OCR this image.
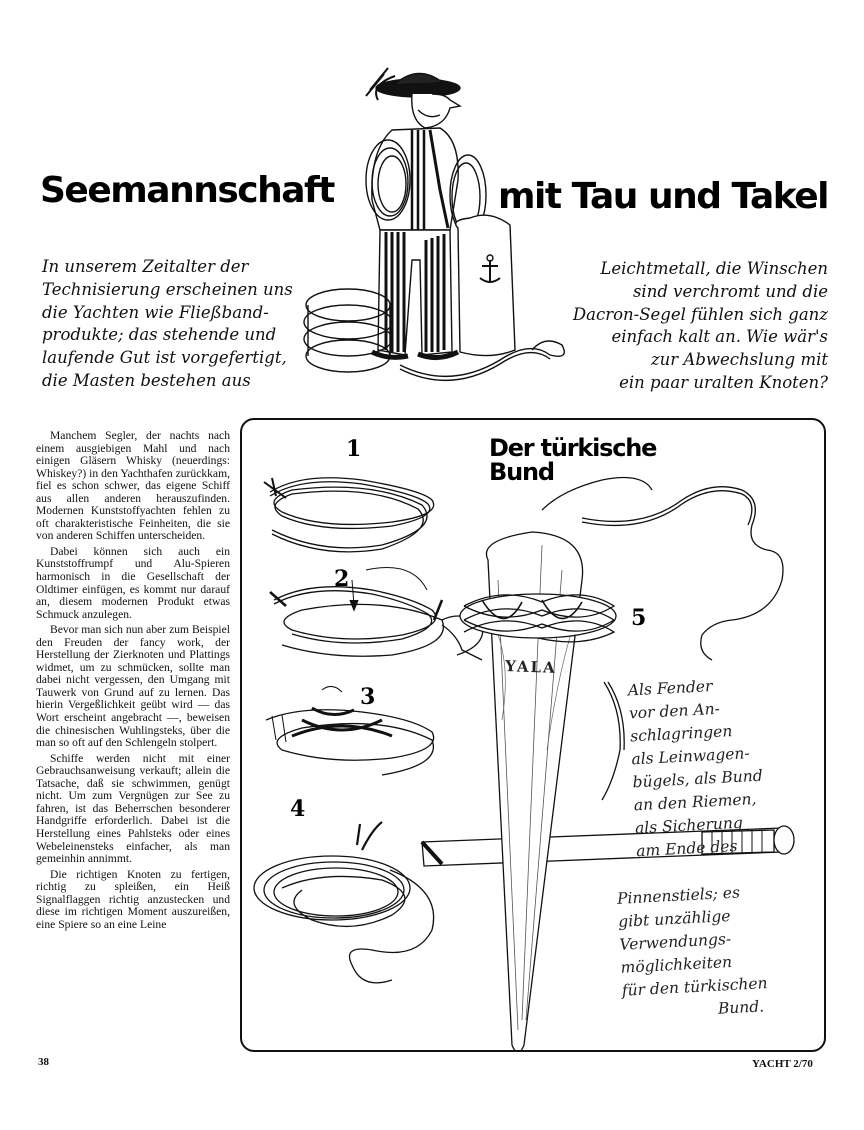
Seemannschaft	mit Tau und Takel
In unserem Zeitalter der
Technisierung erscheinen uns
die Yachten wie Fließband-
produkte; das stehende und
laufende Gut ist vorgefertigt,
die Masten bestehen aus
Leichtmetall, die Winschen
sind verchromt und die
Dacron-Segel fühlen sich ganz
einfach kalt an. Wie wär's
zur Abwechslung mit
ein paar uralten Knoten?

Manchem Segler, der nachts nach einem ausgiebigen Mahl und nach einigen Gläsern Whisky (neuerdings: Whiskey?) in den Yachthafen zurückkam, fiel es schon schwer, das eigene Schiff aus allen anderen herauszufinden. Modernen Kunststoffyachten fehlen zu oft charakteristische Feinheiten, die sie von anderen Schiffen unterscheiden.

Dabei können sich auch ein Kunststoffrumpf und Alu-Spieren harmonisch in die Gesellschaft der Oldtimer einfügen, es kommt nur darauf an, diesem modernen Produkt etwas Schmuck anzulegen.

Bevor man sich nun aber zum Beispiel den Freuden der fancy work, der Herstellung der Zierknoten und Plattings widmet, um zu schmücken, sollte man dabei nicht vergessen, den Umgang mit Tauwerk von Grund auf zu lernen. Das hierin Vergeßlichkeit geübt wird — das Wort erscheint angebracht —, beweisen die chinesischen Wuhlingsteks, über die man so oft auf den Schlengeln stolpert.

Schiffe werden nicht mit einer Gebrauchsanweisung verkauft; allein die Tatsache, daß sie schwimmen, genügt nicht. Um zum Vergnügen zur See zu fahren, ist das Beherrschen besonderer Handgriffe erforderlich. Dabei ist die Herstellung eines Pahlsteks oder eines Webeleinensteks einfacher, als man gemeinhin annimmt.

Die richtigen Knoten zu fertigen, richtig zu spleißen, ein Heiß Signalflaggen richtig anzustecken und diese im richtigen Moment auszureißen, eine Spiere so an eine Leine

Der türkische
Bund
1
2
3
4
5
YALA
Als Fender
vor den An-
schlagringen
als Leinwagen-
bügels, als Bund
an den Riemen,
als Sicherung
am Ende des
Pinnenstiels; es
gibt unzählige
Verwendungs-
möglichkeiten
für den türkischen
Bund.
38	YACHT 2/70
